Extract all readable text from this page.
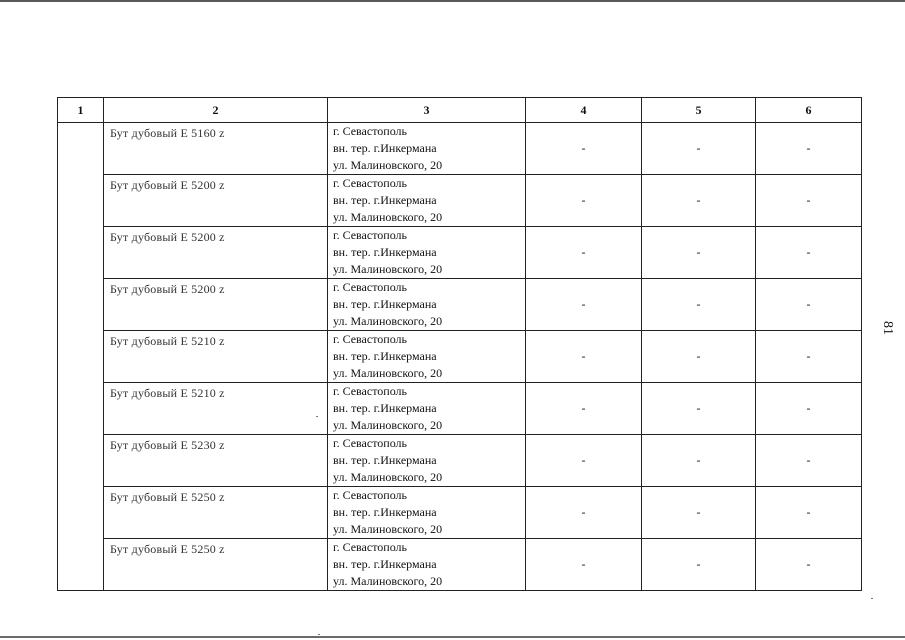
1	2	3	4	5	6
	Бут дубовый Е 5160 z	г. Севастополь
вн. тер. г.Инкермана
ул. Малиновского, 20	-	-	-
	Бут дубовый Е 5200 z	г. Севастополь
вн. тер. г.Инкермана
ул. Малиновского, 20	-	-	-
	Бут дубовый Е 5200 z	г. Севастополь
вн. тер. г.Инкермана
ул. Малиновского, 20	-	-	-
	Бут дубовый Е 5200 z	г. Севастополь
вн. тер. г.Инкермана
ул. Малиновского, 20	-	-	-
	Бут дубовый Е 5210 z	г. Севастополь
вн. тер. г.Инкермана
ул. Малиновского, 20	-	-	-
	Бут дубовый Е 5210 z	г. Севастополь
вн. тер. г.Инкермана
ул. Малиновского, 20	-	-	-
	Бут дубовый Е 5230 z	г. Севастополь
вн. тер. г.Инкермана
ул. Малиновского, 20	-	-	-
	Бут дубовый Е 5250 z	г. Севастополь
вн. тер. г.Инкермана
ул. Малиновского, 20	-	-	-
	Бут дубовый Е 5250 z	г. Севастополь
вн. тер. г.Инкермана
ул. Малиновского, 20	-	-	-
81
